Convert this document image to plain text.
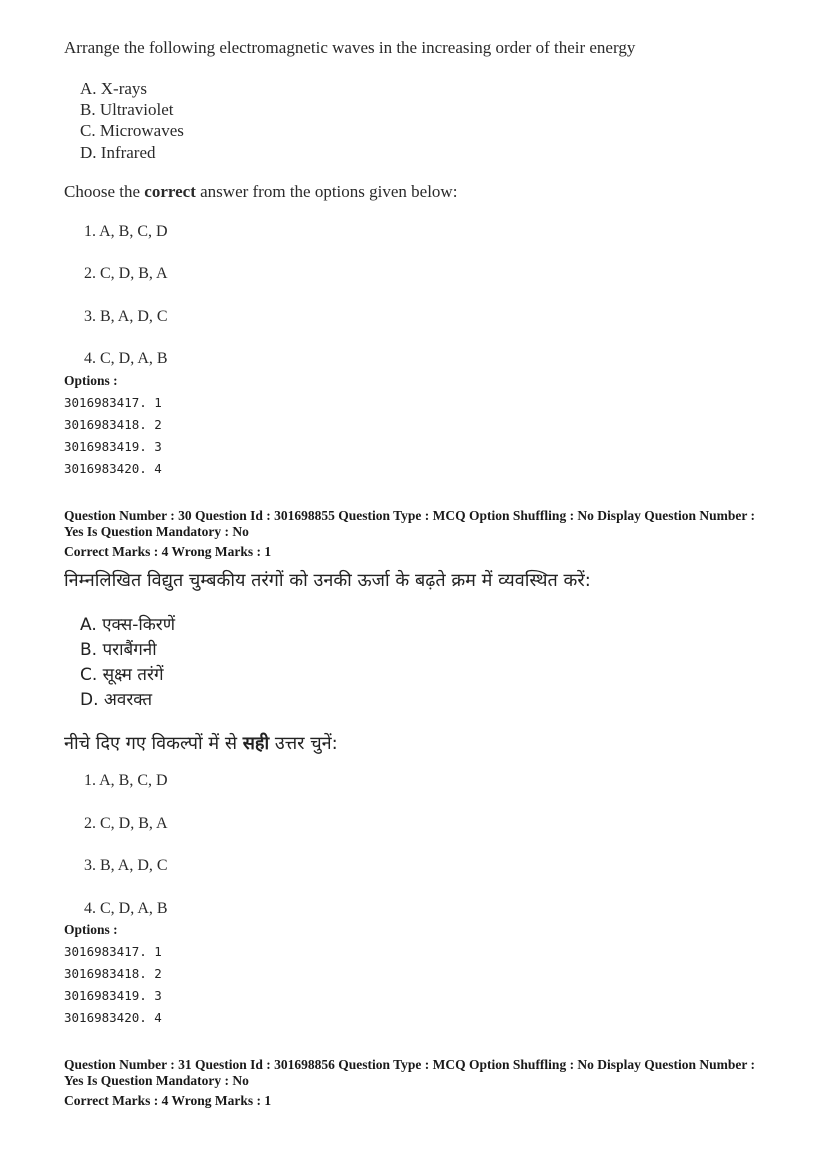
Arrange the following electromagnetic waves in the increasing order of their energy
A. X-rays
B. Ultraviolet
C. Microwaves
D. Infrared
Choose the correct answer from the options given below:
1. A, B, C, D
2. C, D, B, A
3. B, A, D, C
4. C, D, A, B
Options :
3016983417. 1
3016983418. 2
3016983419. 3
3016983420. 4
Question Number : 30 Question Id : 301698855 Question Type : MCQ Option Shuffling : No Display Question Number : Yes Is Question Mandatory : No
Correct Marks : 4 Wrong Marks : 1
निम्नलिखित विद्युत चुम्बकीय तरंगों को उनकी ऊर्जा के बढ़ते क्रम में व्यवस्थित करें:
A. एक्स-किरणें
B. पराबैंगनी
C. सूक्ष्म तरंगें
D. अवरक्त
नीचे दिए गए विकल्पों में से सही उत्तर चुनें:
1. A, B, C, D
2. C, D, B, A
3. B, A, D, C
4. C, D, A, B
Options :
3016983417. 1
3016983418. 2
3016983419. 3
3016983420. 4
Question Number : 31 Question Id : 301698856 Question Type : MCQ Option Shuffling : No Display Question Number : Yes Is Question Mandatory : No
Correct Marks : 4 Wrong Marks : 1
